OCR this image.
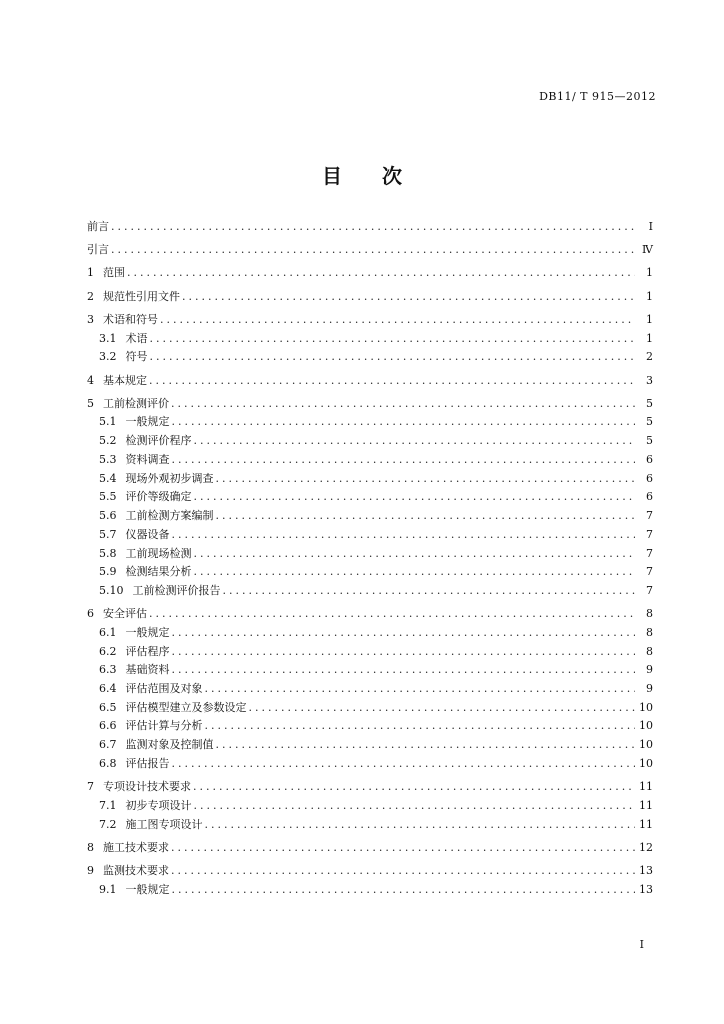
DB11/ T 915—2012
目 次
前言 .....	I
引言 .....	Ⅳ
1 范围 .....	1
2 规范性引用文件 .....	1
3 术语和符号 .....	1
3.1 术语 .....	1
3.2 符号 .....	2
4 基本规定 .....	3
5 工前检测评价 .....	5
5.1 一般规定 .....	5
5.2 检测评价程序 .....	5
5.3 资料调查 .....	6
5.4 现场外观初步调查 .....	6
5.5 评价等级确定 .....	6
5.6 工前检测方案编制 .....	7
5.7 仪器设备 .....	7
5.8 工前现场检测 .....	7
5.9 检测结果分析 .....	7
5.10 工前检测评价报告 .....	7
6 安全评估 .....	8
6.1 一般规定 .....	8
6.2 评估程序 .....	8
6.3 基础资料 .....	9
6.4 评估范围及对象 .....	9
6.5 评估模型建立及参数设定 .....	10
6.6 评估计算与分析 .....	10
6.7 监测对象及控制值 .....	10
6.8 评估报告 .....	10
7 专项设计技术要求 .....	11
7.1 初步专项设计 .....	11
7.2 施工图专项设计 .....	11
8 施工技术要求 .....	12
9 监测技术要求 .....	13
9.1 一般规定 .....	13
I
